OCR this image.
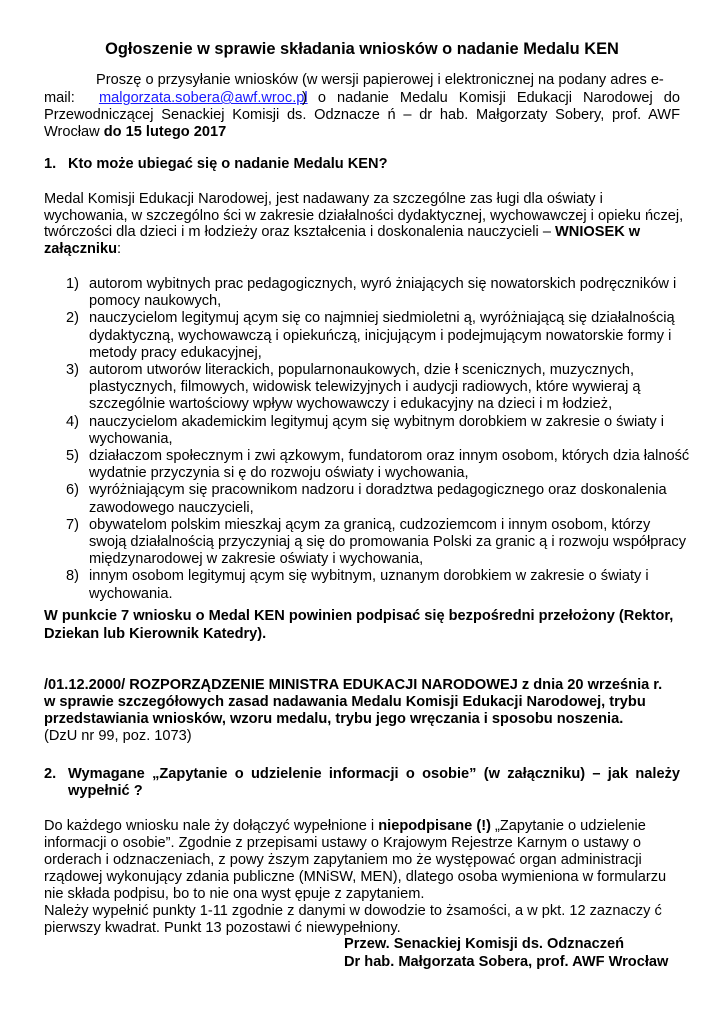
Ogłoszenie w sprawie składania wniosków o nadanie Medalu KEN
Proszę o przysyłanie wniosków (w wersji papierowej i elektronicznej na podany adres e-
mail: malgorzata.sobera@awf.wroc.pl
) o nadanie Medalu Komisji Edukacji Narodowej do
Przewodniczącej Senackiej Komisji ds. Odznacze ń – dr hab. Małgorzaty Sobery, prof. AWF
Wrocław do 15 lutego 2017
1. Kto może ubiegać się o nadanie Medalu KEN?
Medal Komisji Edukacji Narodowej, jest nadawany za szczególne zas ługi dla oświaty i
wychowania, w szczególno ści w zakresie działalności dydaktycznej, wychowawczej i opieku ńczej,
twórczości dla dzieci i m łodzieży oraz kształcenia i doskonalenia nauczycieli – WNIOSEK w
załączniku:
1) autorom wybitnych prac pedagogicznych, wyró żniających się nowatorskich podręczników i
pomocy naukowych,
2) nauczycielom legitymuj ącym się co najmniej siedmioletni ą, wyróżniającą się działalnością
dydaktyczną, wychowawczą i opiekuńczą, inicjującym i podejmującym nowatorskie formy i
metody pracy edukacyjnej,
3) autorom utworów literackich, popularnonaukowych, dzie ł scenicznych, muzycznych,
plastycznych, filmowych, widowisk telewizyjnych i audycji radiowych, które wywieraj ą
szczególnie wartościowy wpływ wychowawczy i edukacyjny na dzieci i m łodzież,
4) nauczycielom akademickim legitymuj ącym się wybitnym dorobkiem w zakresie o światy i
wychowania,
5) działaczom społecznym i zwi ązkowym, fundatorom oraz innym osobom, których dzia łalność
wydatnie przyczynia si ę do rozwoju oświaty i wychowania,
6) wyróżniającym się pracownikom nadzoru i doradztwa pedagogicznego oraz doskonalenia
zawodowego nauczycieli,
7) obywatelom polskim mieszkaj ącym za granicą, cudzoziemcom i innym osobom, którzy
swoją działalnością przyczyniaj ą się do promowania Polski za granic ą i rozwoju współpracy
międzynarodowej w zakresie oświaty i wychowania,
8) innym osobom legitymuj ącym się wybitnym, uznanym dorobkiem w zakresie o światy i
wychowania.
W punkcie 7 wniosku o Medal KEN powinien podpisać się bezpośredni przełożony (Rektor,
Dziekan lub Kierownik Katedry).
/01.12.2000/ ROZPORZĄDZENIE MINISTRA EDUKACJI NARODOWEJ z dnia 20 września r.
w sprawie szczegółowych zasad nadawania Medalu Komisji Edukacji Narodowej, trybu
przedstawiania wniosków, wzoru medalu, trybu jego wręczania i sposobu noszenia.
(DzU nr 99, poz. 1073)
2. Wymagane „Zapytanie o udzielenie informacji o osobie” (w załączniku) – jak należy
wypełnić ?
Do każdego wniosku nale ży dołączyć wypełnione i niepodpisane (!) „Zapytanie o udzielenie
informacji o osobie”. Zgodnie z przepisami ustawy o Krajowym Rejestrze Karnym o ustawy o
orderach i odznaczeniach, z powy ższym zapytaniem mo że występować organ administracji
rządowej wykonujący zdania publiczne (MNiSW, MEN), dlatego osoba wymieniona w formularzu
nie składa podpisu, bo to nie ona wyst ępuje z zapytaniem.
Należy wypełnić punkty 1-11 zgodnie z danymi w dowodzie to żsamości, a w pkt. 12 zaznaczy ć
pierwszy kwadrat. Punkt 13 pozostawi ć niewypełniony.
Przew. Senackiej Komisji ds. Odznaczeń
Dr hab. Małgorzata Sobera, prof. AWF Wrocław
